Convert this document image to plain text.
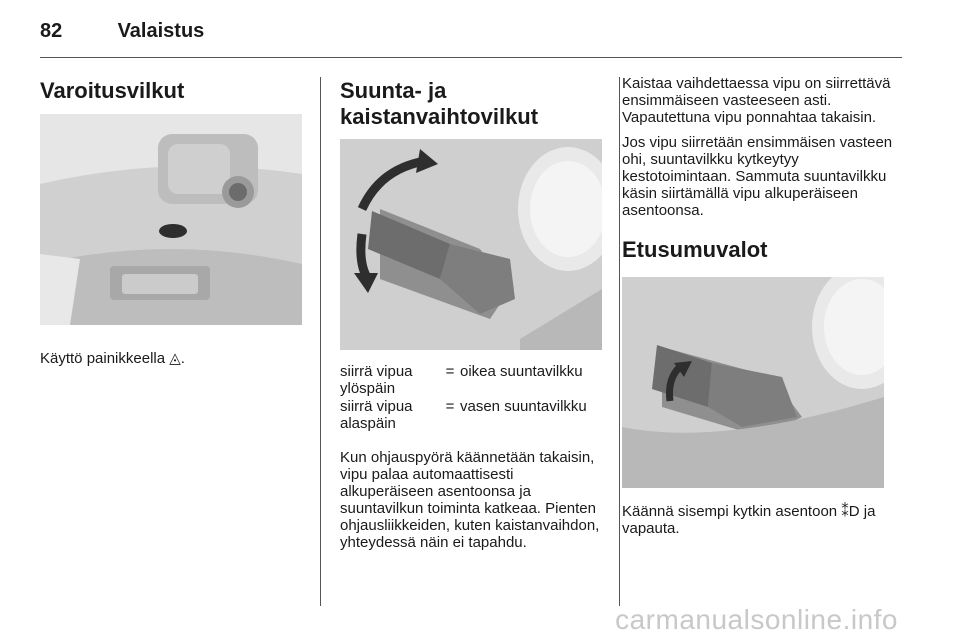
82	Valaistus
Varoitusvilkut

Käyttö painikkeella ◬.

Suunta- ja
kaistanvaihtovilkut
siirrä vipua ylöspäin	=	oikea suuntavilkku
siirrä vipua alaspäin	=	vasen suuntavilkku

Kun ohjauspyörä käännetään takaisin, vipu palaa automaattisesti alkuperäiseen asentoonsa ja suuntavilkun toiminta katkeaa. Pienten ohjausliikkeiden, kuten kaistanvaihdon, yhteydessä näin ei tapahdu.

Kaistaa vaihdettaessa vipu on siirrettävä ensimmäiseen vasteeseen asti. Vapautettuna vipu ponnahtaa takaisin.

Jos vipu siirretään ensimmäisen vasteen ohi, suuntavilkku kytkeytyy kestotoimintaan. Sammuta suuntavilkku käsin siirtämällä vipu alkuperäiseen asentoonsa.

Etusumuvalot

Käännä sisempi kytkin asentoon ⁑D ja vapauta.

carmanualsonline.info
